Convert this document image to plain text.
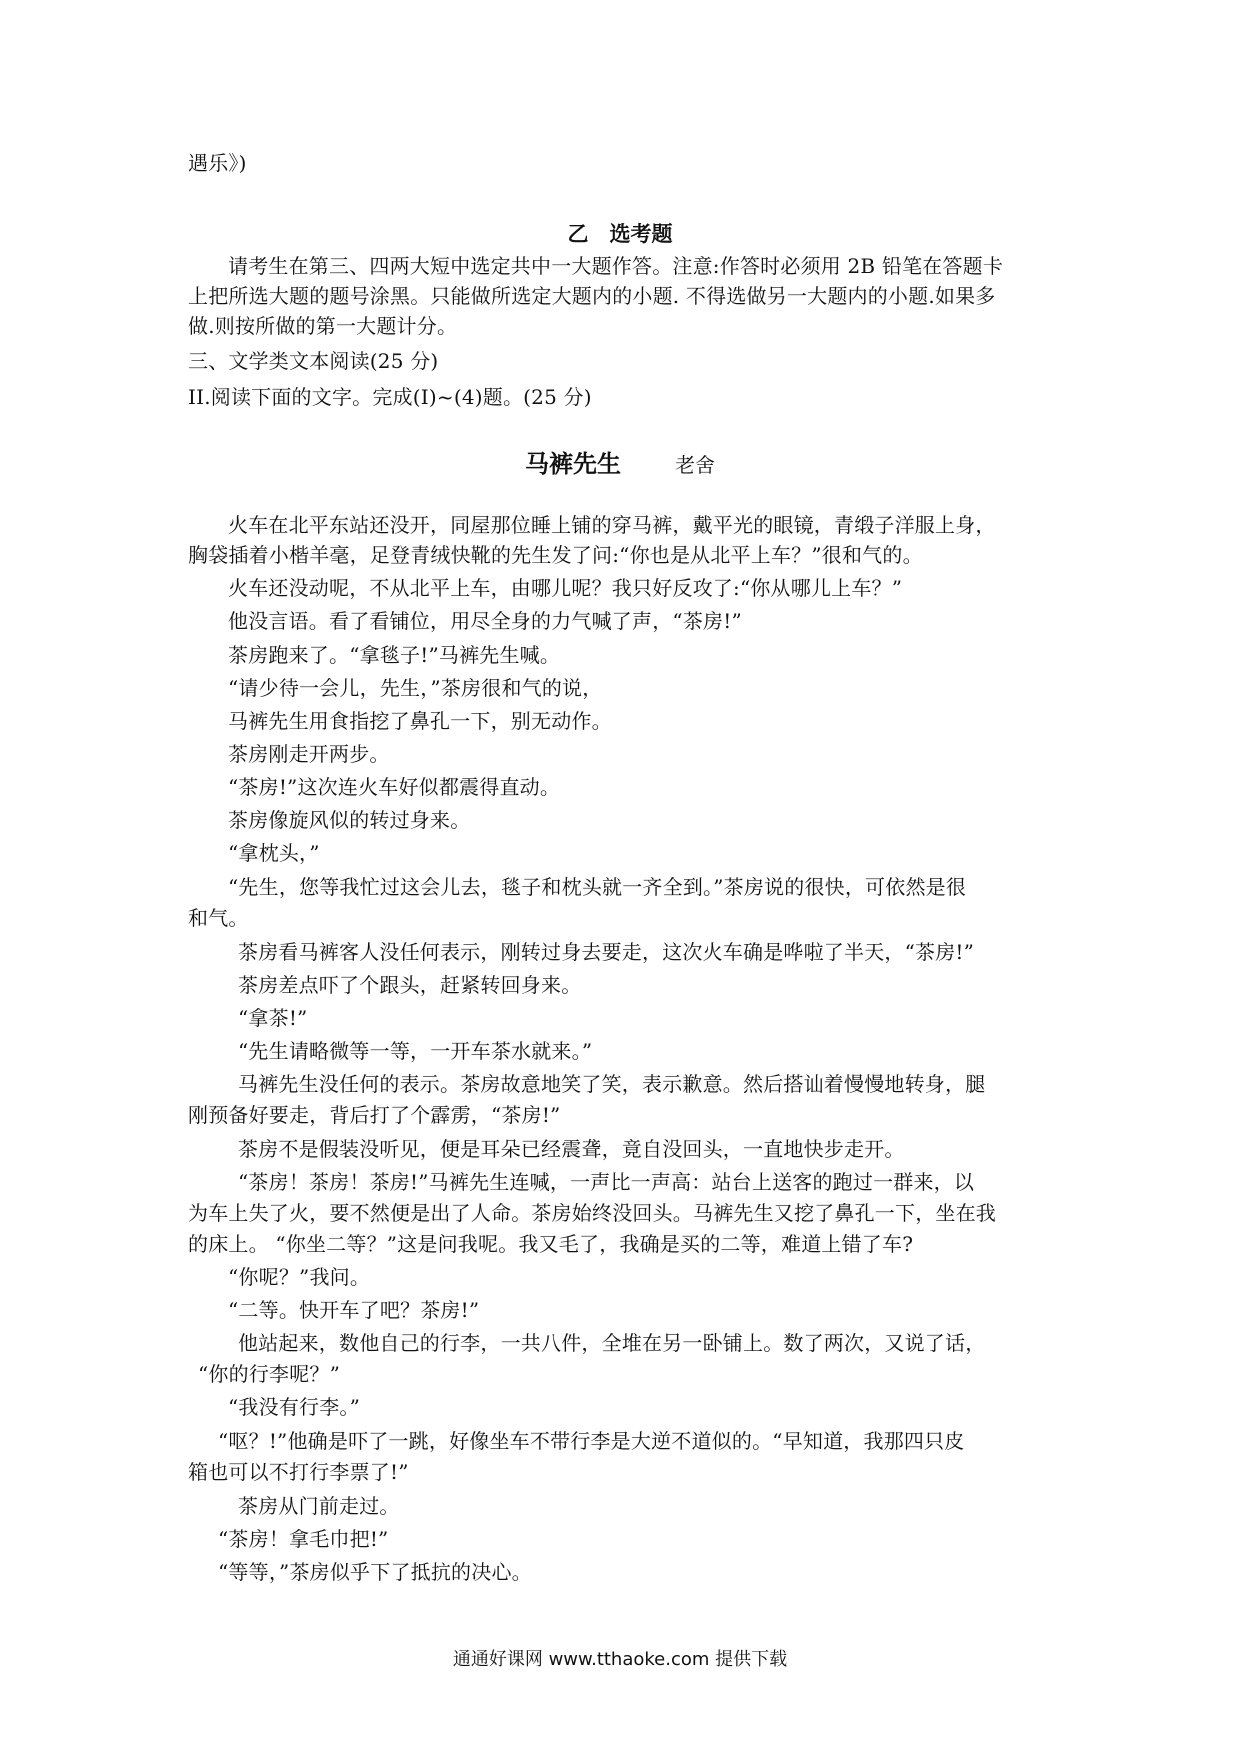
遇乐》)
乙　选考题
请考生在第三、四两大短中选定共中一大题作答。注意:作答时必须用 2B 铅笔在答题卡
上把所选大题的题号涂黑。只能做所选定大题内的小题. 不得选做另一大题内的小题.如果多
做.则按所做的第一大题计分。
三、文学类文本阅读(25 分)
II.阅读下面的文字。完成(I)~(4)题。(25 分)
马裤先生	老舍
火车在北平东站还没开，同屋那位睡上铺的穿马裤，戴平光的眼镜，青缎子洋服上身，
胸袋插着小楷羊毫，足登青绒快靴的先生发了问:“你也是从北平上车？”很和气的。
火车还没动呢，不从北平上车，由哪儿呢？我只好反攻了:“你从哪儿上车？”
他没言语。看了看铺位，用尽全身的力气喊了声，“茶房!”
茶房跑来了。“拿毯子!”马裤先生喊。
“请少待一会儿，先生，”茶房很和气的说，
马裤先生用食指挖了鼻孔一下，别无动作。
茶房刚走开两步。
“茶房!”这次连火车好似都震得直动。
茶房像旋风似的转过身来。
“拿枕头，”
“先生，您等我忙过这会儿去，毯子和枕头就一齐全到。”茶房说的很快，可依然是很
和气。
茶房看马裤客人没任何表示，刚转过身去要走，这次火车确是哗啦了半天，“茶房!”
茶房差点吓了个跟头，赶紧转回身来。
“拿茶!”
“先生请略微等一等，一开车茶水就来。”
马裤先生没任何的表示。茶房故意地笑了笑，表示歉意。然后搭讪着慢慢地转身，腿
刚预备好要走，背后打了个霹雳，“茶房!”
茶房不是假装没听见，便是耳朵已经震聋，竟自没回头，一直地快步走开。
“茶房！茶房！茶房!”马裤先生连喊，一声比一声高：站台上送客的跑过一群来，以
为车上失了火，要不然便是出了人命。茶房始终没回头。马裤先生又挖了鼻孔一下，坐在我
的床上。 “你坐二等？”这是问我呢。我又毛了，我确是买的二等，难道上错了车?
“你呢？”我问。
“二等。快开车了吧？茶房!”
他站起来，数他自己的行李，一共八件，全堆在另一卧铺上。数了两次，又说了话，
“你的行李呢？”
“我没有行李。”
“呕？!”他确是吓了一跳，好像坐车不带行李是大逆不道似的。“早知道，我那四只皮
箱也可以不打行李票了!”
茶房从门前走过。
“茶房！拿毛巾把!”
“等等，”茶房似乎下了抵抗的决心。
通通好课网 www.tthaoke.com 提供下载
